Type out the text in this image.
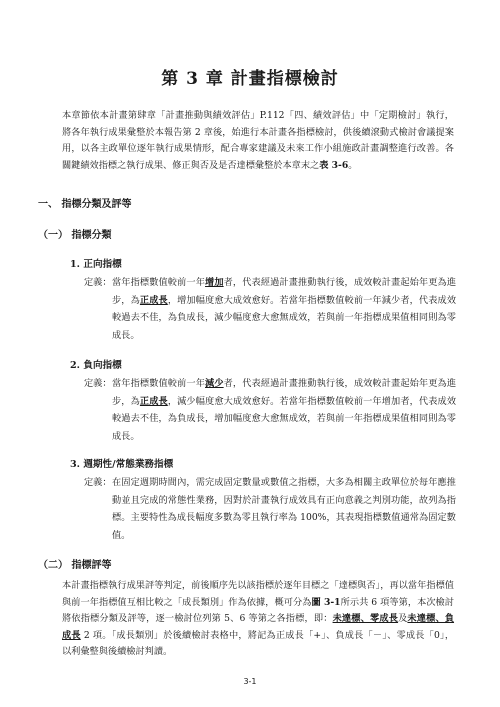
第 3 章 計畫指標檢討
本章節依本計畫第肆章「計畫推動與績效評估」P.112「四、績效評估」中「定期檢討」執行，將各年執行成果彙整於本報告第 2 章後，始進行本計畫各指標檢討，供後續滾動式檢討會議提案用，以各主政單位逐年執行成果情形，配合專家建議及未來工作小組施政計畫調整進行改善。各關鍵績效指標之執行成果、修正與否及是否達標彙整於本章末之表 3-6。
一、 指標分類及評等
（一） 指標分類
1. 正向指標
定義： 當年指標數值較前一年增加者，代表經過計畫推動執行後，成效較計畫起始年更為進步，為正成長，增加幅度愈大成效愈好。若當年指標數值較前一年減少者，代表成效較過去不佳，為負成長，減少幅度愈大愈無成效，若與前一年指標成果值相同則為零成長。
2. 負向指標
定義： 當年指標數值較前一年減少者，代表經過計畫推動執行後，成效較計畫起始年更為進步，為正成長，減少幅度愈大成效愈好。若當年指標數值較前一年增加者，代表成效較過去不佳，為負成長，增加幅度愈大愈無成效，若與前一年指標成果值相同則為零成長。
3. 週期性/常態業務指標
定義： 在固定週期時間內，需完成固定數量或數值之指標，大多為相關主政單位於每年應推動並且完成的常態性業務，因對於計畫執行成效具有正向意義之判別功能，故列為指標。主要特性為成長幅度多數為零且執行率為 100%，其表現指標數值通常為固定數值。
（二） 指標評等
本計畫指標執行成果評等判定，前後順序先以該指標於逐年目標之「達標與否」，再以當年指標值與前一年指標值互相比較之「成長類別」作為依據，概可分為圖 3-1所示共 6 項等第，本次檢討將依指標分類及評等，逐一檢討位列第 5、6 等第之各指標，即：未達標、零成長及未達標、負成長 2 項。「成長類別」於後續檢討表格中，將記為正成長「+」、負成長「－」、零成長「0」，以利彙整與後續檢討判讀。
3-1
